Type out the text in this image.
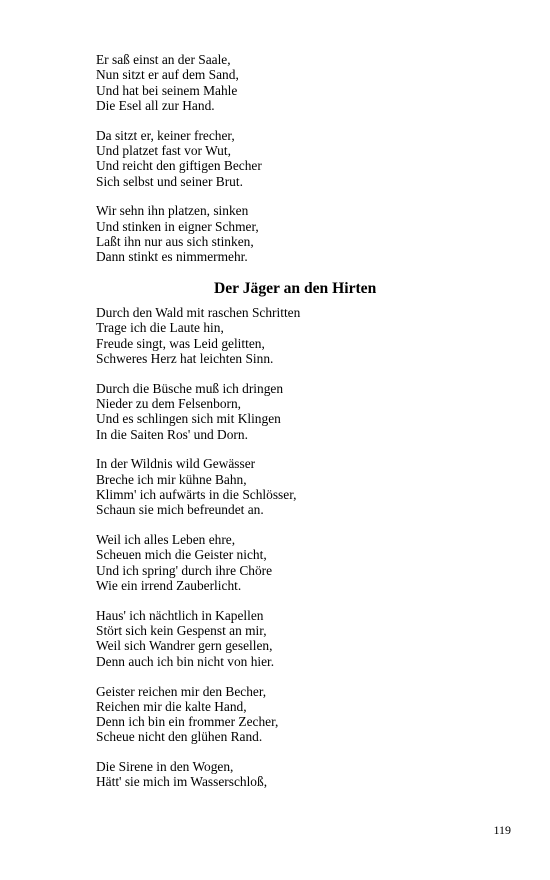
Er saß einst an der Saale,
Nun sitzt er auf dem Sand,
Und hat bei seinem Mahle
Die Esel all zur Hand.
Da sitzt er, keiner frecher,
Und platzet fast vor Wut,
Und reicht den giftigen Becher
Sich selbst und seiner Brut.
Wir sehn ihn platzen, sinken
Und stinken in eigner Schmer,
Laßt ihn nur aus sich stinken,
Dann stinkt es nimmermehr.
Der Jäger an den Hirten
Durch den Wald mit raschen Schritten
Trage ich die Laute hin,
Freude singt, was Leid gelitten,
Schweres Herz hat leichten Sinn.
Durch die Büsche muß ich dringen
Nieder zu dem Felsenborn,
Und es schlingen sich mit Klingen
In die Saiten Ros' und Dorn.
In der Wildnis wild Gewässer
Breche ich mir kühne Bahn,
Klimm' ich aufwärts in die Schlösser,
Schaun sie mich befreundet an.
Weil ich alles Leben ehre,
Scheuen mich die Geister nicht,
Und ich spring' durch ihre Chöre
Wie ein irrend Zauberlicht.
Haus' ich nächtlich in Kapellen
Stört sich kein Gespenst an mir,
Weil sich Wandrer gern gesellen,
Denn auch ich bin nicht von hier.
Geister reichen mir den Becher,
Reichen mir die kalte Hand,
Denn ich bin ein frommer Zecher,
Scheue nicht den glühen Rand.
Die Sirene in den Wogen,
Hätt' sie mich im Wasserschloß,
119
